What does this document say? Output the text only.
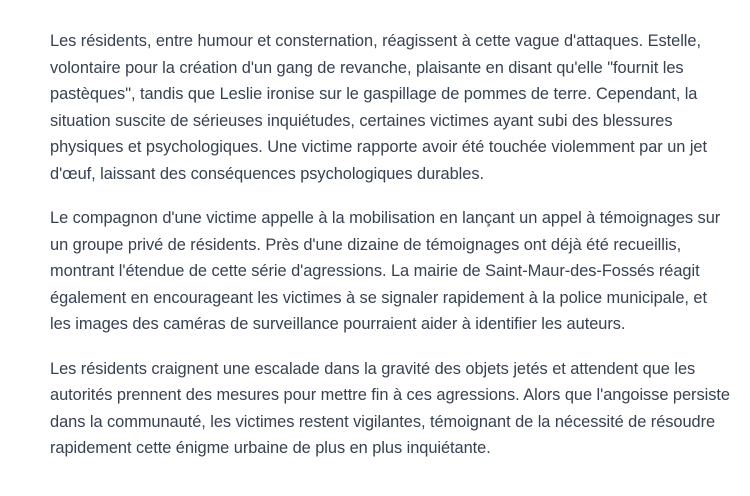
Les résidents, entre humour et consternation, réagissent à cette vague d'attaques. Estelle, volontaire pour la création d'un gang de revanche, plaisante en disant qu'elle "fournit les pastèques", tandis que Leslie ironise sur le gaspillage de pommes de terre. Cependant, la situation suscite de sérieuses inquiétudes, certaines victimes ayant subi des blessures physiques et psychologiques. Une victime rapporte avoir été touchée violemment par un jet d'œuf, laissant des conséquences psychologiques durables.

Le compagnon d'une victime appelle à la mobilisation en lançant un appel à témoignages sur un groupe privé de résidents. Près d'une dizaine de témoignages ont déjà été recueillis, montrant l'étendue de cette série d'agressions. La mairie de Saint-Maur-des-Fossés réagit également en encourageant les victimes à se signaler rapidement à la police municipale, et les images des caméras de surveillance pourraient aider à identifier les auteurs.

Les résidents craignent une escalade dans la gravité des objets jetés et attendent que les autorités prennent des mesures pour mettre fin à ces agressions. Alors que l'angoisse persiste dans la communauté, les victimes restent vigilantes, témoignant de la nécessité de résoudre rapidement cette énigme urbaine de plus en plus inquiétante.
